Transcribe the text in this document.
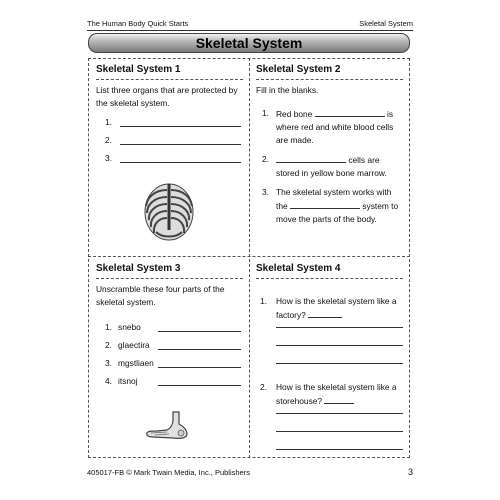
The Human Body Quick Starts	Skeletal System
Skeletal System
Skeletal System 1

List three organs that are protected by the skeletal system.

1.
2.
3.
Skeletal System 2

Fill in the blanks.

1. Red bone	is where red and white blood cells are made.
2.	cells are stored in yellow bone marrow.
3. The skeletal system works with the	system to move the parts of the body.
Skeletal System 3

Unscramble these four parts of the skeletal system.

1. snebo
2. glaectira
3. mgstliaen
4. itsnoj
Skeletal System 4
1. How is the skeletal system like a factory?
2. How is the skeletal system like a storehouse?
405017-FB © Mark Twain Media, Inc., Publishers	3
